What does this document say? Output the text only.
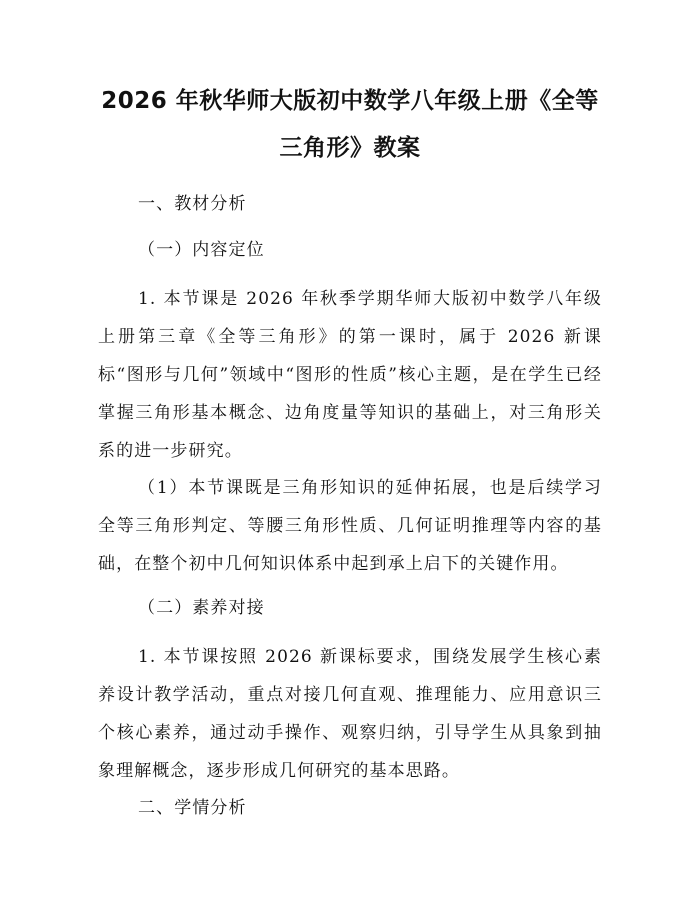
2026 年秋华师大版初中数学八年级上册《全等三角形》教案
一、教材分析
（一）内容定位

1. 本节课是 2026 年秋季学期华师大版初中数学八年级上册第三章《全等三角形》的第一课时，属于 2026 新课标“图形与几何”领域中“图形的性质”核心主题，是在学生已经掌握三角形基本概念、边角度量等知识的基础上，对三角形关系的进一步研究。

（1）本节课既是三角形知识的延伸拓展，也是后续学习全等三角形判定、等腰三角形性质、几何证明推理等内容的基础，在整个初中几何知识体系中起到承上启下的关键作用。

（二）素养对接

1. 本节课按照 2026 新课标要求，围绕发展学生核心素养设计教学活动，重点对接几何直观、推理能力、应用意识三个核心素养，通过动手操作、观察归纳，引导学生从具象到抽象理解概念，逐步形成几何研究的基本思路。

二、学情分析
